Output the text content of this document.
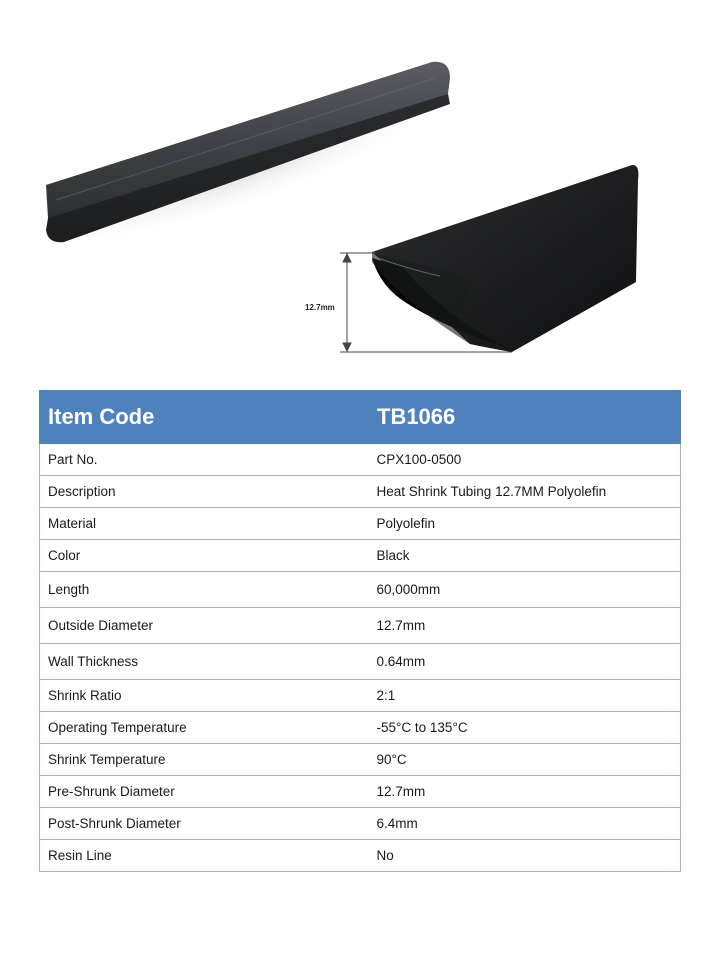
12.7mm
Item Code	TB1066
Part No.	CPX100-0500
Description	Heat Shrink Tubing 12.7MM Polyolefin
Material	Polyolefin
Color	Black
Length	60,000mm
Outside Diameter	12.7mm
Wall Thickness	0.64mm
Shrink Ratio	2:1
Operating Temperature	-55°C to 135°C
Shrink Temperature	90°C
Pre-Shrunk Diameter	12.7mm
Post-Shrunk Diameter	6.4mm
Resin Line	No
